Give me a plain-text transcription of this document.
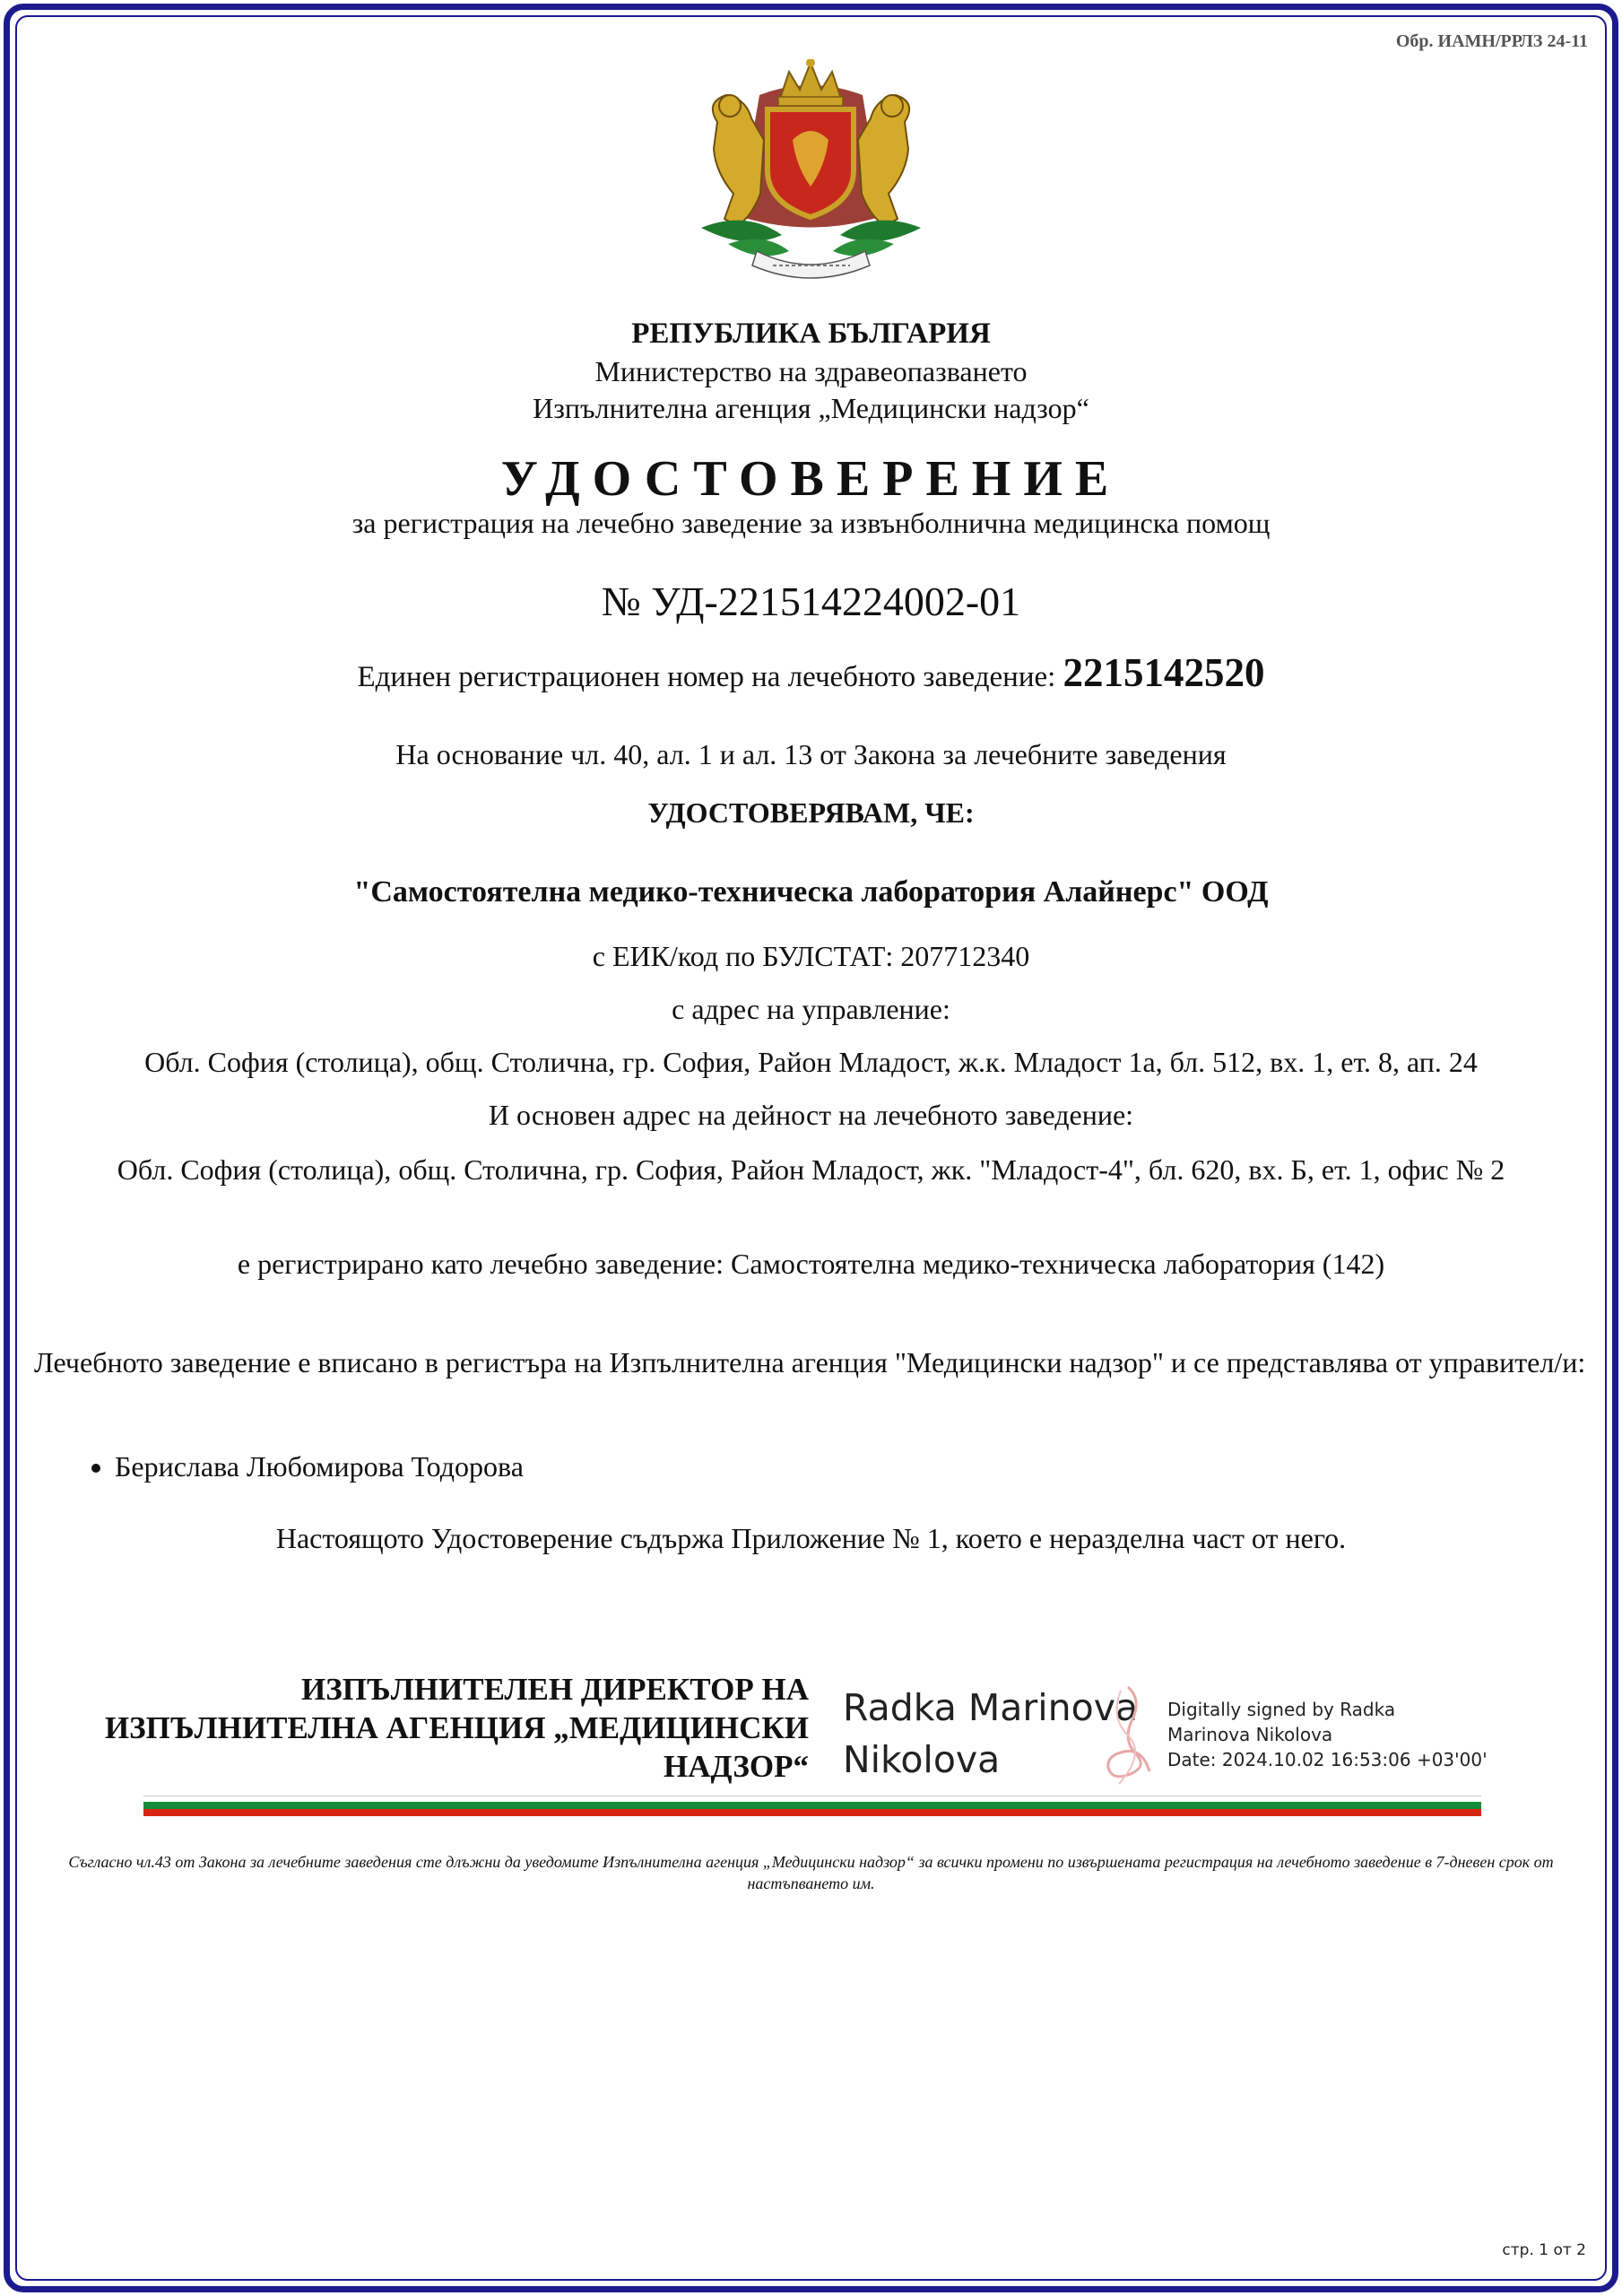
Обр. ИАМН/РРЛЗ 24-11
РЕПУБЛИКА БЪЛГАРИЯ
Министерство на здравеопазването
Изпълнителна агенция „Медицински надзор“
УДОСТОВЕРЕНИЕ
за регистрация на лечебно заведение за извънболнична медицинска помощ
№ УД-221514224002-01
Единен регистрационен номер на лечебното заведение: 2215142520
На основание чл. 40, ал. 1 и ал. 13 от Закона за лечебните заведения
УДОСТОВЕРЯВАМ, ЧЕ:
"Самостоятелна медико-техническа лаборатория Алайнерс" ООД
с ЕИК/код по БУЛСТАТ: 207712340
с адрес на управление:
Обл. София (столица), общ. Столична, гр. София, Район Младост, ж.к. Младост 1а, бл. 512, вх. 1, ет. 8, ап. 24
И основен адрес на дейност на лечебното заведение:
Обл. София (столица), общ. Столична, гр. София, Район Младост, жк. "Младост-4", бл. 620, вх. Б, ет. 1, офис № 2
е регистрирано като лечебно заведение: Самостоятелна медико-техническа лаборатория (142)
Лечебното заведение е вписано в регистъра на Изпълнителна агенция "Медицински надзор" и се представлява от управител/и:
• Берислава Любомирова Тодорова
Настоящото Удостоверение съдържа Приложение № 1, което е неразделна част от него.
ИЗПЪЛНИТЕЛЕН ДИРЕКТОР НА ИЗПЪЛНИТЕЛНА АГЕНЦИЯ „МЕДИЦИНСКИ НАДЗОР“
Radka Marinova
Nikolova
Digitally signed by Radka
Marinova Nikolova
Date: 2024.10.02 16:53:06 +03'00'
Съгласно чл.43 от Закона за лечебните заведения сте длъжни да уведомите Изпълнителна агенция „Медицински надзор“ за всички промени по извършената регистрация на лечебното заведение в 7-дневен срок от настъпването им.
стр. 1 от 2
